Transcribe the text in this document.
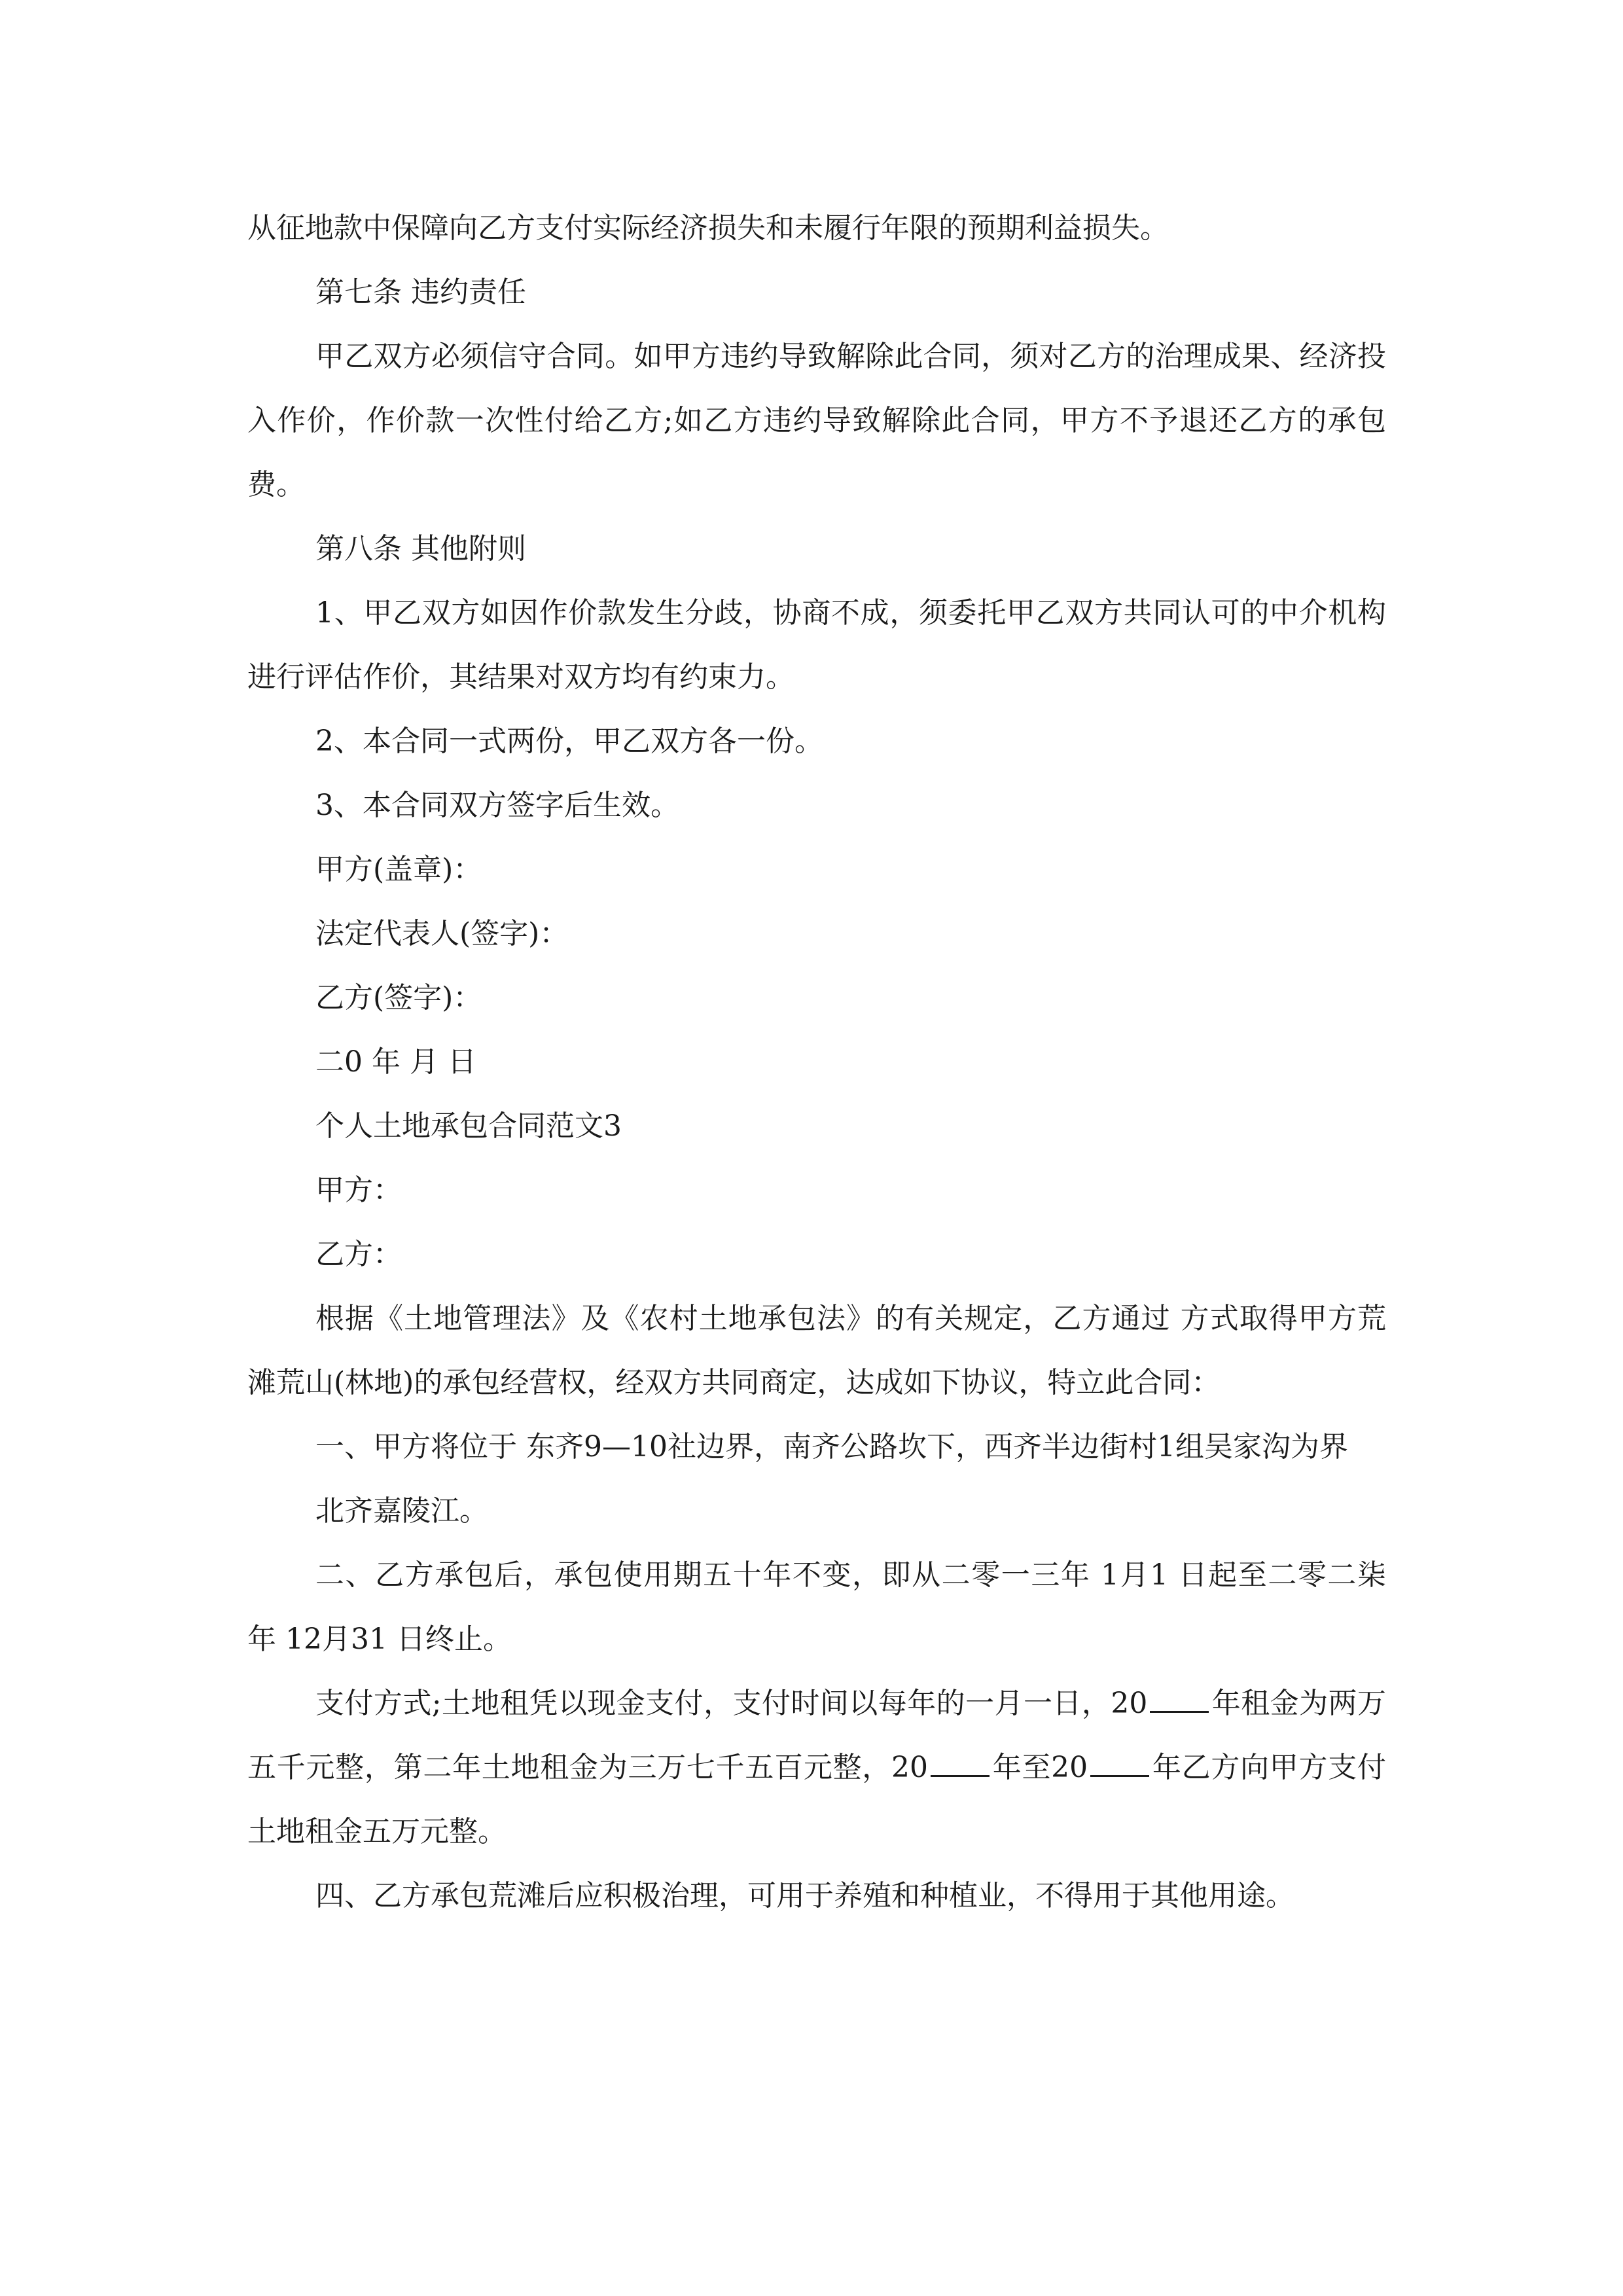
从征地款中保障向乙方支付实际经济损失和未履行年限的预期利益损失。

第七条 违约责任

甲乙双方必须信守合同。如甲方违约导致解除此合同，须对乙方的治理成果、经济投入作价，作价款一次性付给乙方;如乙方违约导致解除此合同，甲方不予退还乙方的承包费。

第八条 其他附则

1、甲乙双方如因作价款发生分歧，协商不成，须委托甲乙双方共同认可的中介机构进行评估作价，其结果对双方均有约束力。

2、本合同一式两份，甲乙双方各一份。

3、本合同双方签字后生效。

甲方(盖章)：

法定代表人(签字)：

乙方(签字)：

二0 年 月 日

个人土地承包合同范文3

甲方：

乙方：

根据《土地管理法》及《农村土地承包法》的有关规定，乙方通过 方式取得甲方荒滩荒山(林地)的承包经营权，经双方共同商定，达成如下协议，特立此合同：

一、甲方将位于 东齐9—10社边界，南齐公路坎下，西齐半边街村1组吴家沟为界

北齐嘉陵江。

二、乙方承包后，承包使用期五十年不变，即从二零一三年 1月1 日起至二零二柒 年 12月31 日终止。

支付方式;土地租凭以现金支付，支付时间以每年的一月一日，20 年租金为两万五千元整，第二年土地租金为三万七千五百元整，20 年至20 年乙方向甲方支付土地租金五万元整。

四、乙方承包荒滩后应积极治理，可用于养殖和种植业，不得用于其他用途。
